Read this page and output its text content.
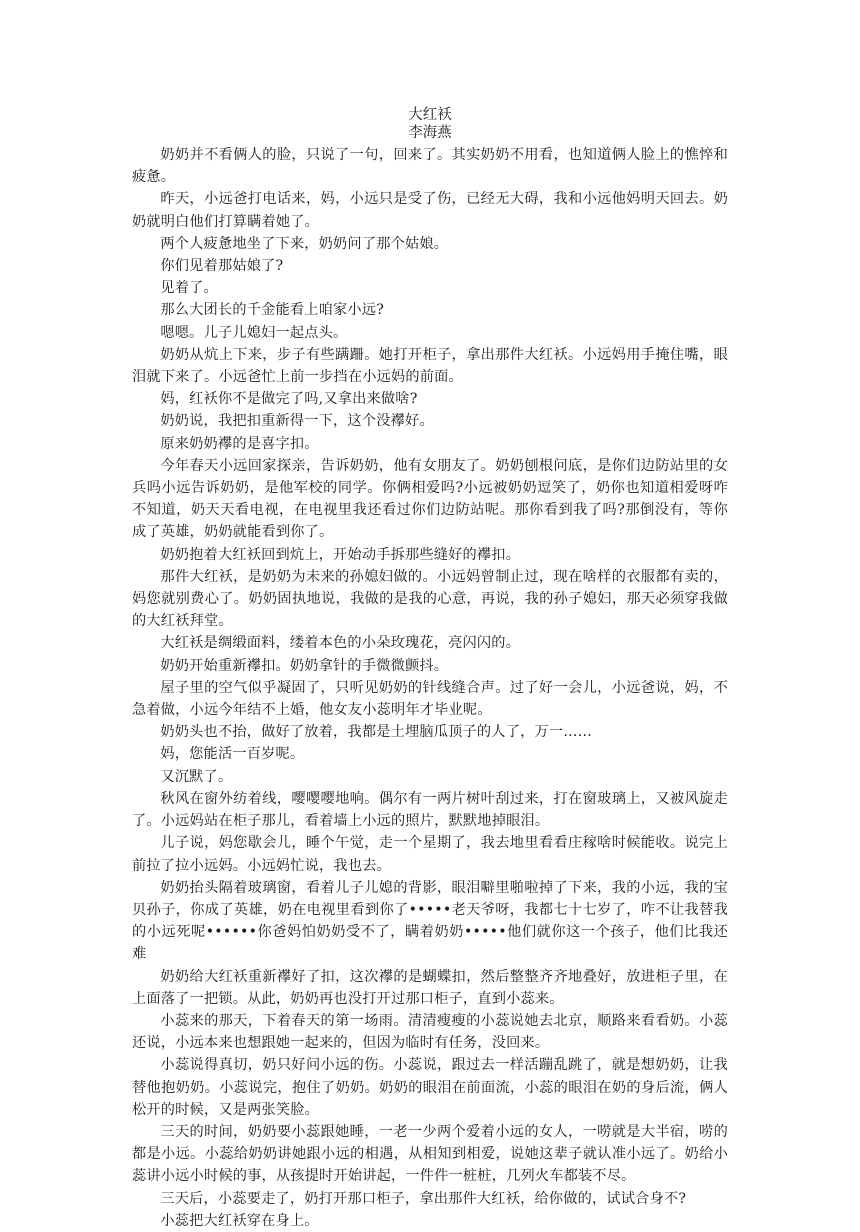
大红袄
李海燕

奶奶并不看俩人的脸，只说了一句，回来了。其实奶奶不用看，也知道俩人脸上的憔悴和疲惫。

昨天，小远爸打电话来，妈，小远只是受了伤，已经无大碍，我和小远他妈明天回去。奶奶就明白他们打算瞒着她了。

两个人疲惫地坐了下来，奶奶问了那个姑娘。

你们见着那姑娘了?

见着了。

那么大团长的千金能看上咱家小远?

嗯嗯。儿子儿媳妇一起点头。

奶奶从炕上下来，步子有些蹒跚。她打开柜子，拿出那件大红袄。小远妈用手掩住嘴，眼泪就下来了。小远爸忙上前一步挡在小远妈的前面。

妈，红袄你不是做完了吗,又拿出来做啥?

奶奶说，我把扣重新得一下，这个没襻好。

原来奶奶襻的是喜字扣。

今年春天小远回家探亲，告诉奶奶，他有女朋友了。奶奶刨根问底，是你们边防站里的女兵吗小远告诉奶奶，是他军校的同学。你俩相爱吗?小远被奶奶逗笑了，奶你也知道相爱呀咋不知道，奶天天看电视，在电视里我还看过你们边防站呢。那你看到我了吗?那倒没有，等你成了英雄，奶奶就能看到你了。

奶奶抱着大红袄回到炕上，开始动手拆那些缝好的襻扣。

那件大红袄，是奶奶为未来的孙媳妇做的。小远妈曾制止过，现在啥样的衣服都有卖的，妈您就别费心了。奶奶固执地说，我做的是我的心意，再说，我的孙子媳妇，那天必须穿我做的大红袄拜堂。

大红袄是绸缎面料，缕着本色的小朵玫瑰花，亮闪闪的。

奶奶开始重新襻扣。奶奶拿针的手微微颤抖。

屋子里的空气似乎凝固了，只听见奶奶的针线缝合声。过了好一会儿，小远爸说，妈，不急着做，小远今年结不上婚，他女友小蕊明年才毕业呢。

奶奶头也不抬，做好了放着，我都是土埋脑瓜顶子的人了，万一……

妈，您能活一百岁呢。

又沉默了。

秋风在窗外纺着线，嘤嘤嘤地响。偶尔有一两片树叶刮过来，打在窗玻璃上，又被风旋走了。小远妈站在柜子那儿，看着墙上小远的照片，默默地掉眼泪。

儿子说，妈您歇会儿，睡个午觉，走一个星期了，我去地里看看庄稼啥时候能收。说完上前拉了拉小远妈。小远妈忙说，我也去。

奶奶抬头隔着玻璃窗，看着儿子儿媳的背影，眼泪噼里啪啦掉了下来，我的小远，我的宝贝孙子，你成了英雄，奶在电视里看到你了•••••老天爷呀，我都七十七岁了，咋不让我替我的小远死呢••••••你爸妈怕奶奶受不了，瞒着奶奶•••••他们就你这一个孩子，他们比我还难

奶奶给大红袄重新襻好了扣，这次襻的是蝴蝶扣，然后整整齐齐地叠好，放进柜子里，在上面落了一把锁。从此，奶奶再也没打开过那口柜子，直到小蕊来。

小蕊来的那天，下着春天的第一场雨。清清瘦瘦的小蕊说她去北京，顺路来看看奶。小蕊还说，小远本来也想跟她一起来的，但因为临时有任务，没回来。

小蕊说得真切，奶只好问小远的伤。小蕊说，跟过去一样活蹦乱跳了，就是想奶奶，让我替他抱奶奶。小蕊说完，抱住了奶奶。奶奶的眼泪在前面流，小蕊的眼泪在奶的身后流，俩人松开的时候，又是两张笑脸。

三天的时间，奶奶要小蕊跟她睡，一老一少两个爱着小远的女人，一唠就是大半宿，唠的都是小远。小蕊给奶奶讲她跟小远的相遇，从相知到相爱，说她这辈子就认准小远了。奶给小蕊讲小远小时候的事，从孩提时开始讲起，一件件一桩桩，几列火车都装不尽。

三天后，小蕊要走了，奶打开那口柜子，拿出那件大红袄，给你做的，试试合身不?

小蕊把大红袄穿在身上。
